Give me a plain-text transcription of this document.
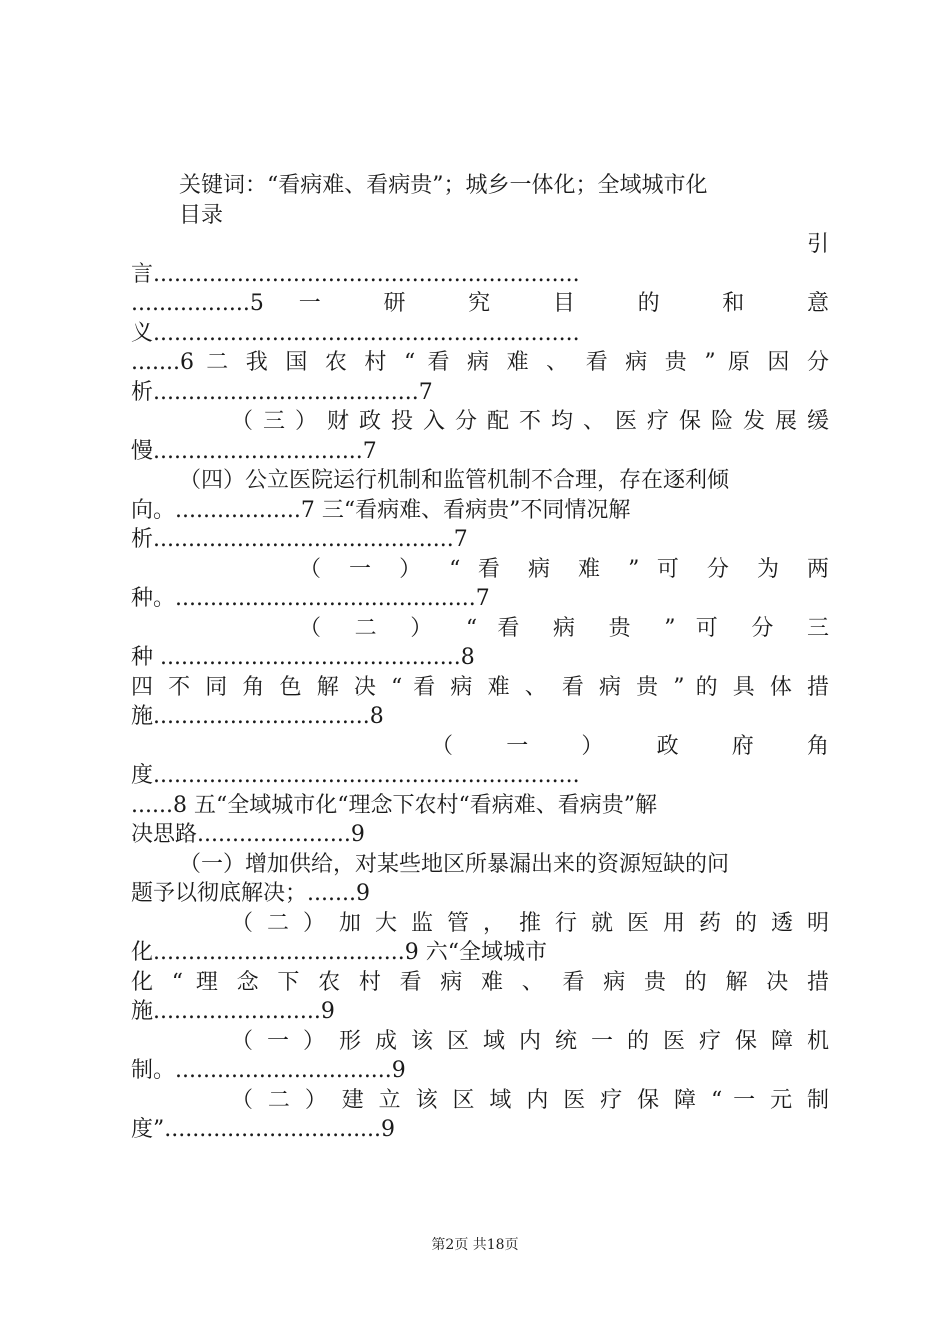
关键词：“看病难、看病贵”；城乡一体化；全域城市化
目录
引
言.............................................................
.................5 一 研 究 目 的 和 意
义.............................................................
.......6 二 我 国 农 村 “ 看 病 难 、 看 病 贵 ” 原 因 分
析......................................7
（三）财政投入分配不均、医疗保险发展缓
慢..............................7
（四）公立医院运行机制和监管机制不合理，存在逐利倾
向。..................7 三“看病难、看病贵”不同情况解
析...........................................7
（ 一 ） “ 看 病 难 ” 可 分 为 两
种。...........................................7
（ 二 ） “ 看 病 贵 ” 可 分 三
种 ...........................................8
四 不 同 角 色 解 决 “ 看 病 难 、 看 病 贵 ” 的 具 体 措
施...............................8
（ 一 ） 政 府 角
度.............................................................
......8 五“全域城市化“理念下农村“看病难、看病贵”解
决思路......................9
（一）增加供给，对某些地区所暴漏出来的资源短缺的问
题予以彻底解决；.......9
（ 二 ） 加 大 监 管 ， 推 行 就 医 用 药 的 透 明
化....................................9 六“全域城市
化 “ 理 念 下 农 村 看 病 难 、 看 病 贵 的 解 决 措
施........................9
（ 一 ） 形 成 该 区 域 内 统 一 的 医 疗 保 障 机
制。...............................9
（ 二 ） 建 立 该 区 域 内 医 疗 保 障 “ 一 元 制
度”...............................9
第2页 共18页
